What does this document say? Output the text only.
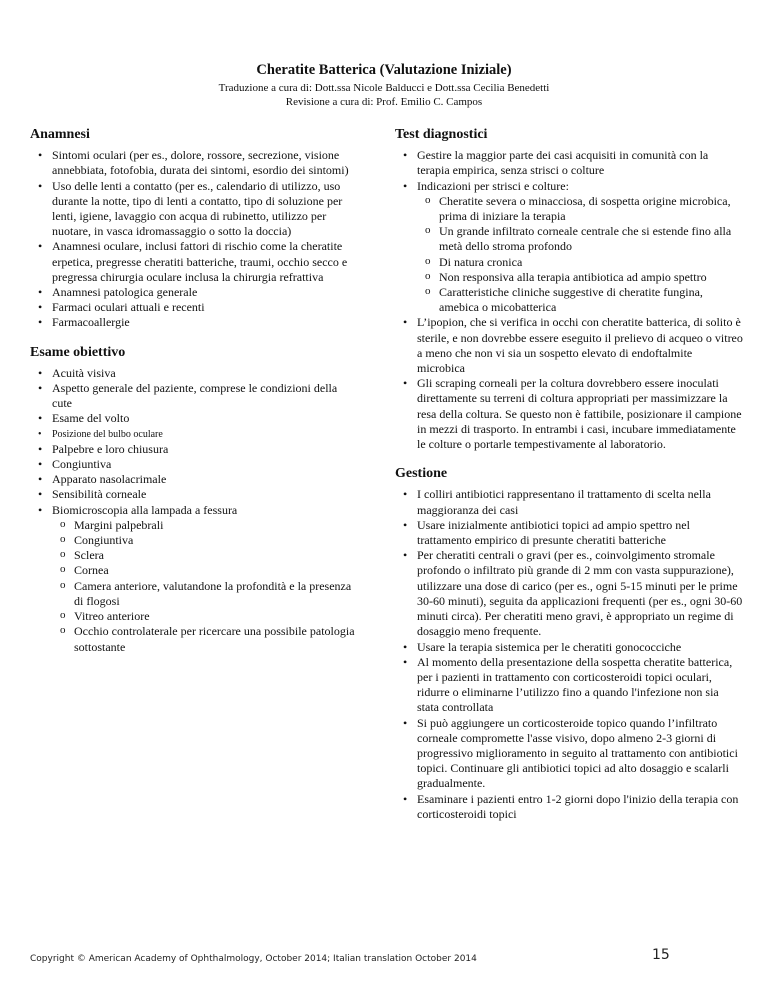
Cheratite Batterica (Valutazione Iniziale)
Traduzione a cura di: Dott.ssa Nicole Balducci e Dott.ssa Cecilia Benedetti
Revisione a cura di: Prof. Emilio C. Campos
Anamnesi
• Sintomi oculari (per es., dolore, rossore, secrezione, visione annebbiata, fotofobia, durata dei sintomi, esordio dei sintomi)
• Uso delle lenti a contatto (per es., calendario di utilizzo, uso durante la notte, tipo di lenti a contatto, tipo di soluzione per lenti, igiene, lavaggio con acqua di rubinetto, utilizzo per nuotare, in vasca idromassaggio o sotto la doccia)
• Anamnesi oculare, inclusi fattori di rischio come la cheratite erpetica, pregresse cheratiti batteriche, traumi, occhio secco e pregressa chirurgia oculare inclusa la chirurgia refrattiva
• Anamnesi patologica generale
• Farmaci oculari attuali e recenti
• Farmacoallergie
Esame obiettivo
• Acuità visiva
• Aspetto generale del paziente, comprese le condizioni della cute
• Esame del volto
• Posizione del bulbo oculare
• Palpebre e loro chiusura
• Congiuntiva
• Apparato nasolacrimale
• Sensibilità corneale
• Biomicroscopia alla lampada a fessura
o Margini palpebrali
o Congiuntiva
o Sclera
o Cornea
o Camera anteriore, valutandone la profondità e la presenza di flogosi
o Vitreo anteriore
o Occhio controlaterale per ricercare una possibile patologia sottostante
Test diagnostici
• Gestire la maggior parte dei casi acquisiti in comunità con la terapia empirica, senza strisci o colture
• Indicazioni per strisci e colture:
o Cheratite severa o minacciosa, di sospetta origine microbica, prima di iniziare la terapia
o Un grande infiltrato corneale centrale che si estende fino alla metà dello stroma profondo
o Di natura cronica
o Non responsiva alla terapia antibiotica ad ampio spettro
o Caratteristiche cliniche suggestive di cheratite fungina, amebica o micobatterica
• L’ipopion, che si verifica in occhi con cheratite batterica, di solito è sterile, e non dovrebbe essere eseguito il prelievo di acqueo o vitreo a meno che non vi sia un sospetto elevato di endoftalmite microbica
• Gli scraping corneali per la coltura dovrebbero essere inoculati direttamente su terreni di coltura appropriati per massimizzare la resa della coltura. Se questo non è fattibile, posizionare il campione in mezzi di trasporto. In entrambi i casi, incubare immediatamente le colture o portarle tempestivamente al laboratorio.
Gestione
• I colliri antibiotici rappresentano il trattamento di scelta nella maggioranza dei casi
• Usare inizialmente antibiotici topici ad ampio spettro nel trattamento empirico di presunte cheratiti batteriche
• Per cheratiti centrali o gravi (per es., coinvolgimento stromale profondo o infiltrato più grande di 2 mm con vasta suppurazione), utilizzare una dose di carico (per es., ogni 5-15 minuti per le prime 30-60 minuti), seguita da applicazioni frequenti (per es., ogni 30-60 minuti circa). Per cheratiti meno gravi, è appropriato un regime di dosaggio meno frequente.
• Usare la terapia sistemica per le cheratiti gonococciche
• Al momento della presentazione della sospetta cheratite batterica, per i pazienti in trattamento con corticosteroidi topici oculari, ridurre o eliminarne l’utilizzo fino a quando l'infezione non sia stata controllata
• Si può aggiungere un corticosteroide topico quando l’infiltrato corneale compromette l'asse visivo, dopo almeno 2-3 giorni di progressivo miglioramento in seguito al trattamento con antibiotici topici. Continuare gli antibiotici topici ad alto dosaggio e scalarli gradualmente.
• Esaminare i pazienti entro 1-2 giorni dopo l'inizio della terapia con corticosteroidi topici
Copyright © American Academy of Ophthalmology, October 2014; Italian translation October 2014	15
